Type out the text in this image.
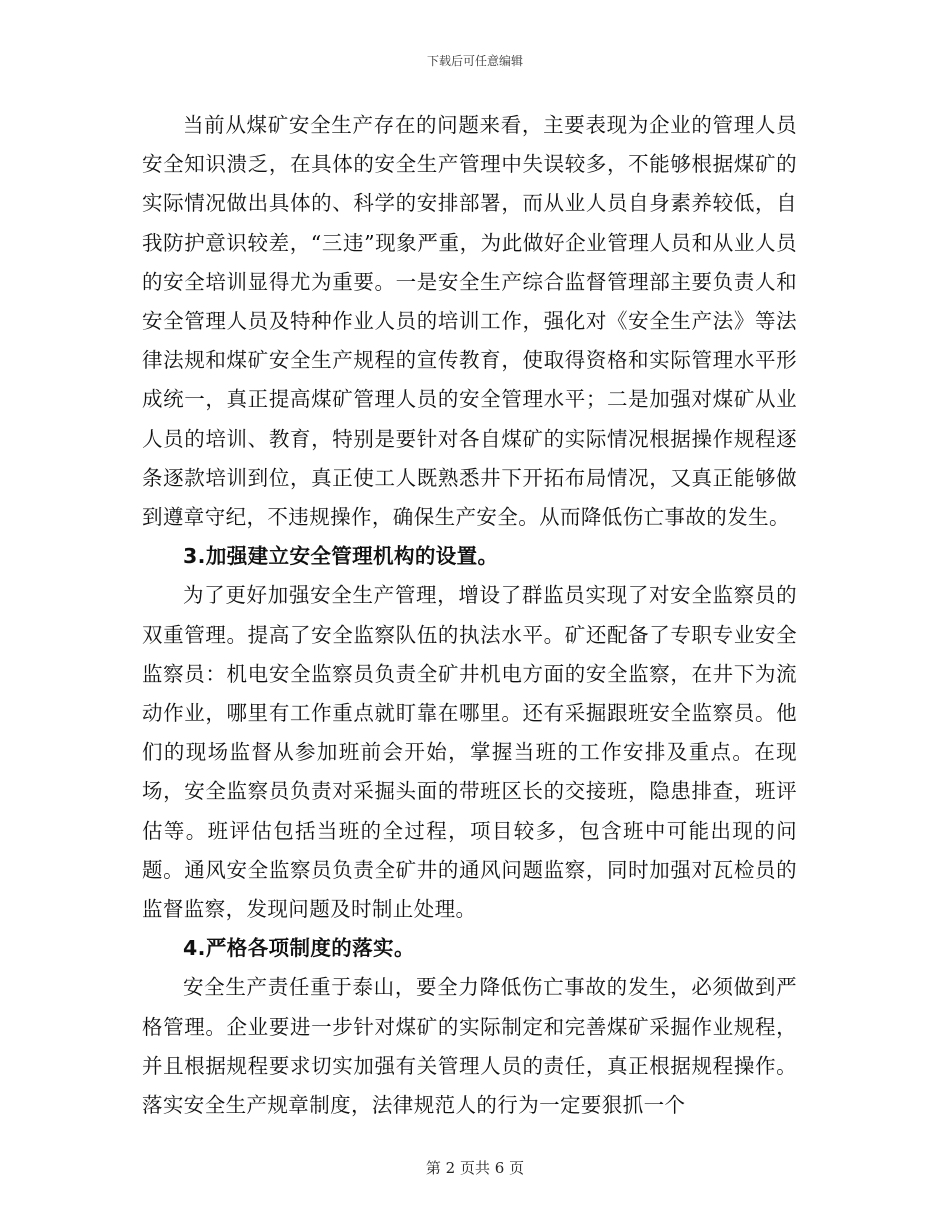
下载后可任意编辑

当前从煤矿安全生产存在的问题来看，主要表现为企业的管理人员安全知识溃乏，在具体的安全生产管理中失误较多，不能够根据煤矿的实际情况做出具体的、科学的安排部署，而从业人员自身素养较低，自我防护意识较差，“三违”现象严重，为此做好企业管理人员和从业人员的安全培训显得尤为重要。一是安全生产综合监督管理部主要负责人和安全管理人员及特种作业人员的培训工作，强化对《安全生产法》等法律法规和煤矿安全生产规程的宣传教育，使取得资格和实际管理水平形成统一，真正提高煤矿管理人员的安全管理水平；二是加强对煤矿从业人员的培训、教育，特别是要针对各自煤矿的实际情况根据操作规程逐条逐款培训到位，真正使工人既熟悉井下开拓布局情况，又真正能够做到遵章守纪，不违规操作，确保生产安全。从而降低伤亡事故的发生。

3.加强建立安全管理机构的设置。

为了更好加强安全生产管理，增设了群监员实现了对安全监察员的双重管理。提高了安全监察队伍的执法水平。矿还配备了专职专业安全监察员：机电安全监察员负责全矿井机电方面的安全监察，在井下为流动作业，哪里有工作重点就盯靠在哪里。还有采掘跟班安全监察员。他们的现场监督从参加班前会开始，掌握当班的工作安排及重点。在现场，安全监察员负责对采掘头面的带班区长的交接班，隐患排查，班评估等。班评估包括当班的全过程，项目较多，包含班中可能出现的问题。通风安全监察员负责全矿井的通风问题监察，同时加强对瓦检员的监督监察，发现问题及时制止处理。

4.严格各项制度的落实。

安全生产责任重于泰山，要全力降低伤亡事故的发生，必须做到严格管理。企业要进一步针对煤矿的实际制定和完善煤矿采掘作业规程，并且根据规程要求切实加强有关管理人员的责任，真正根据规程操作。落实安全生产规章制度，法律规范人的行为一定要狠抓一个

第 2 页共 6 页
